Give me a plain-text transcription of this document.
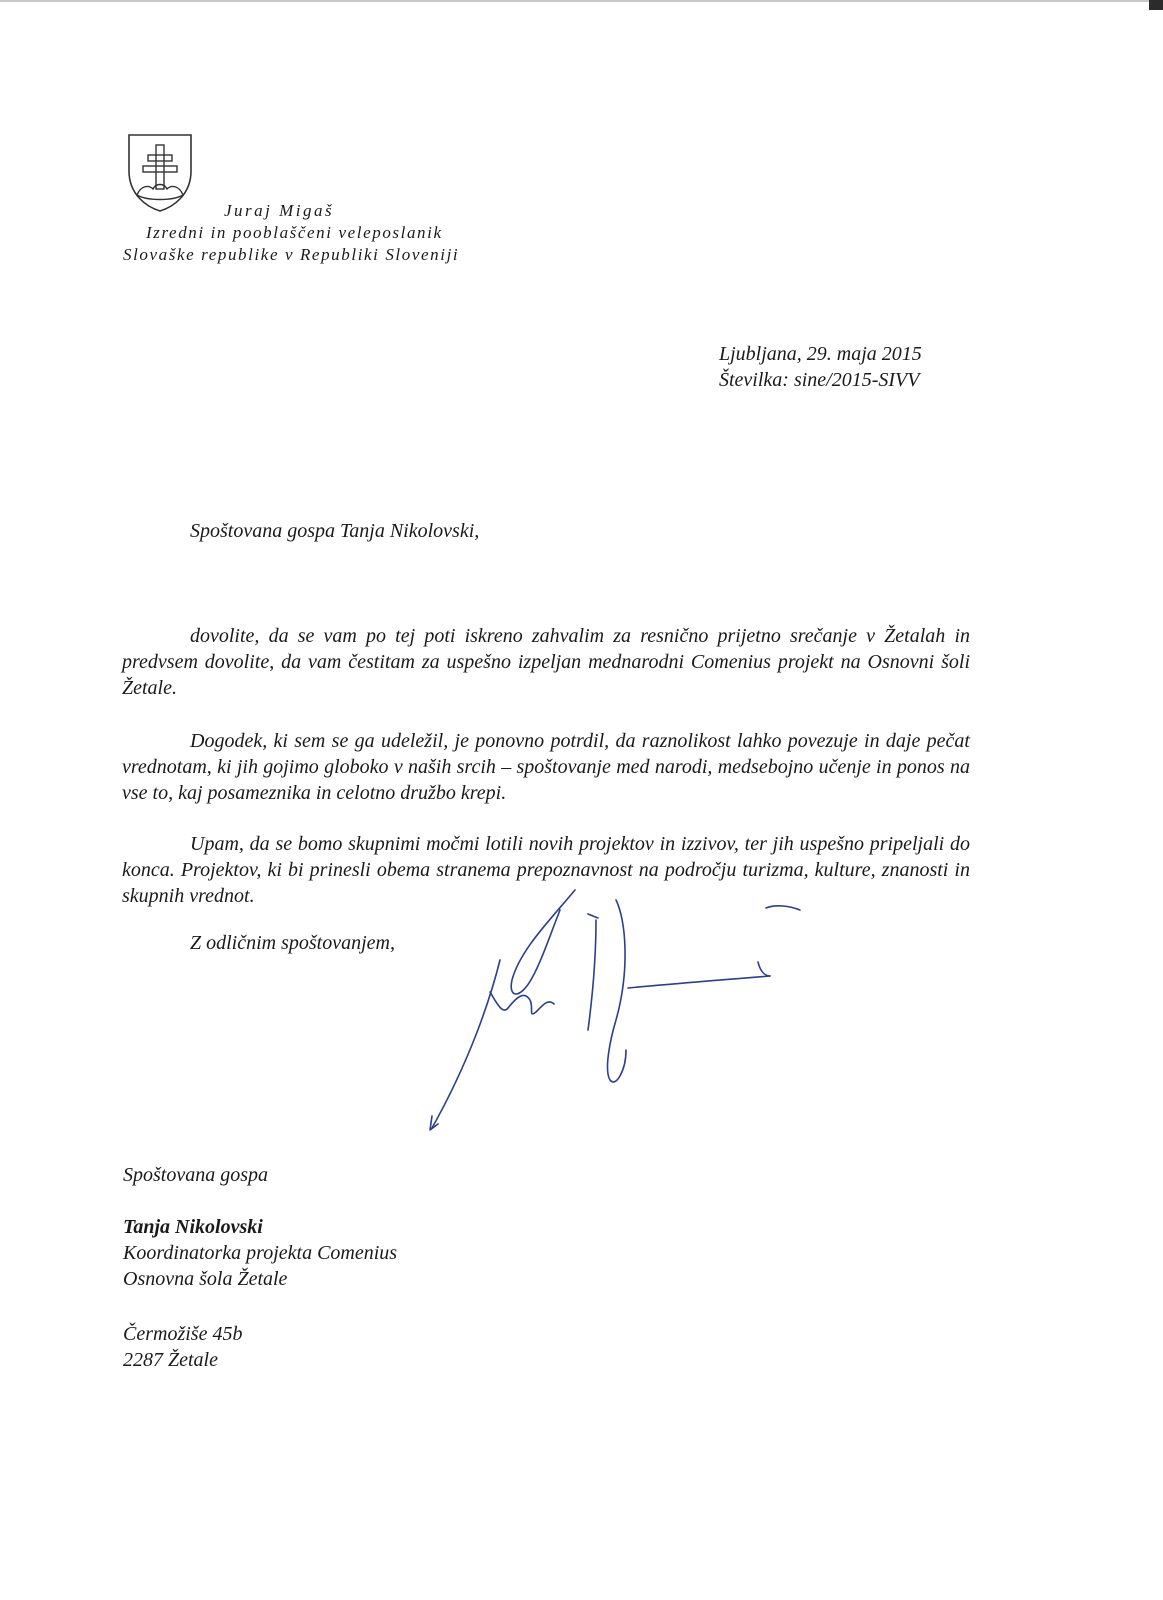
Juraj Migaš
Izredni in pooblaščeni veleposlanik
Slovaške republike v Republiki Sloveniji
Ljubljana, 29. maja 2015
Številka: sine/2015-SIVV
Spoštovana gospa Tanja Nikolovski,

dovolite, da se vam po tej poti iskreno zahvalim za resnično prijetno srečanje v Žetalah in predvsem dovolite, da vam čestitam za uspešno izpeljan mednarodni Comenius projekt na Osnovni šoli Žetale.

Dogodek, ki sem se ga udeležil, je ponovno potrdil, da raznolikost lahko povezuje in daje pečat vrednotam, ki jih gojimo globoko v naših srcih – spoštovanje med narodi, medsebojno učenje in ponos na vse to, kaj posameznika in celotno družbo krepi.

Upam, da se bomo skupnimi močmi lotili novih projektov in izzivov, ter jih uspešno pripeljali do konca. Projektov, ki bi prinesli obema stranema prepoznavnost na področju turizma, kulture, znanosti in skupnih vrednot.

Z odličnim spoštovanjem,
Spoštovana gospa
Tanja Nikolovski
Koordinatorka projekta Comenius
Osnovna šola Žetale
Čermožiše 45b
2287 Žetale
